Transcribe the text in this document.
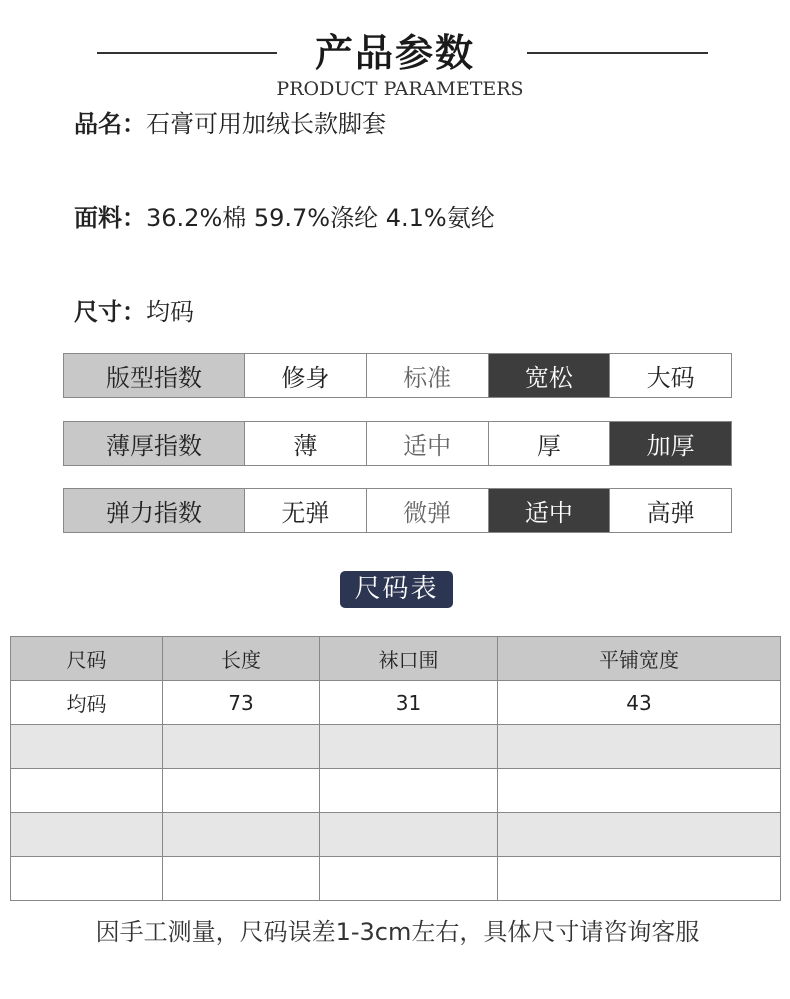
产品参数
PRODUCT PARAMETERS
品名：石膏可用加绒长款脚套
面料：36.2%棉 59.7%涤纶 4.1%氨纶
尺寸：均码
版型指数	修身	标准	宽松	大码
薄厚指数	薄	适中	厚	加厚
弹力指数	无弹	微弹	适中	高弹
尺码表
尺码	长度	袜口围	平铺宽度
均码	73	31	43

因手工测量，尺码误差1-3cm左右，具体尺寸请咨询客服
